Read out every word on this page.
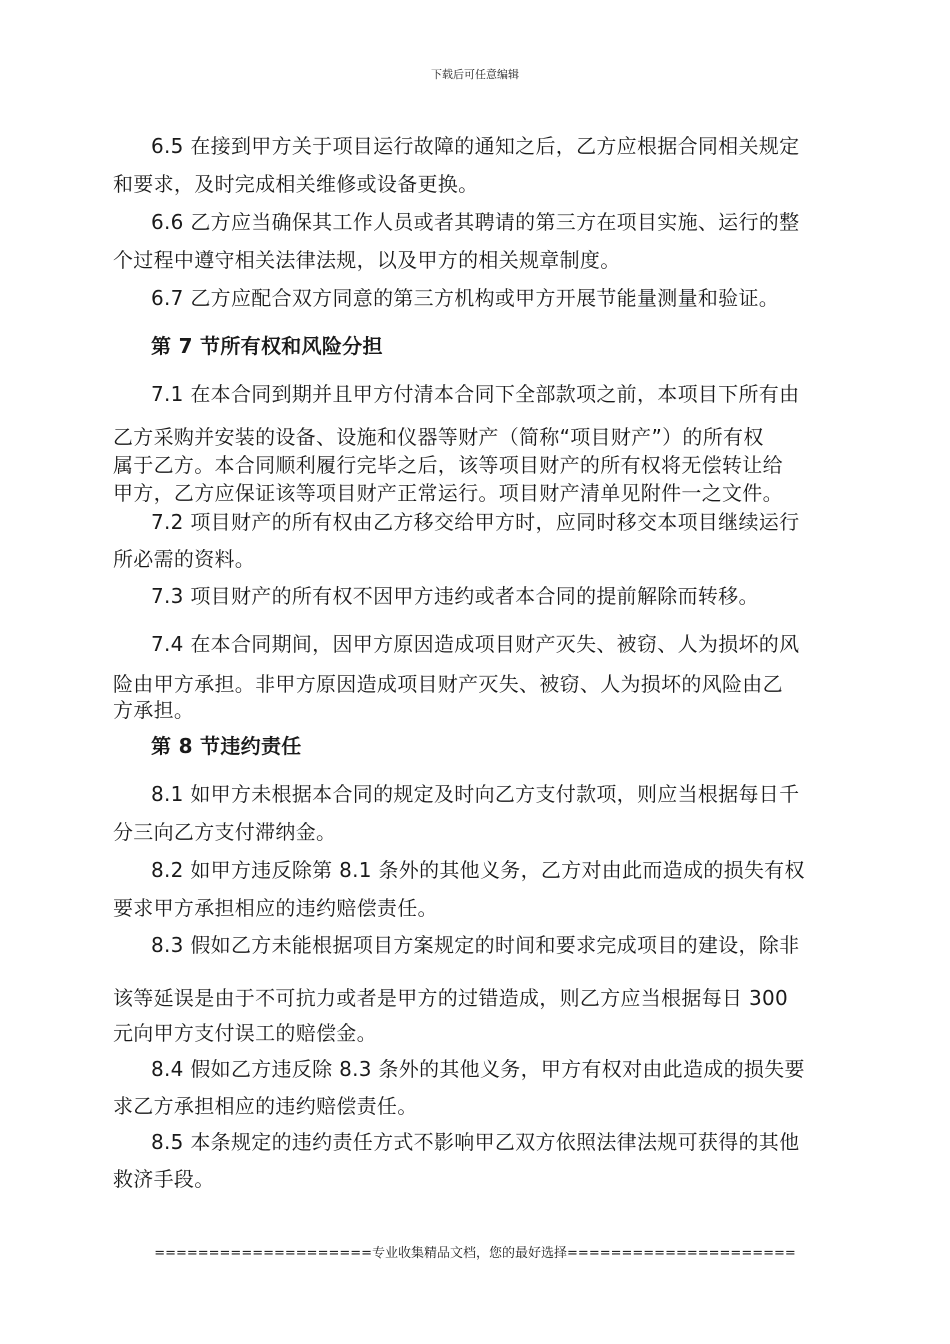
下载后可任意编辑
6.5 在接到甲方关于项目运行故障的通知之后，乙方应根据合同相关规定
和要求，及时完成相关维修或设备更换。
6.6 乙方应当确保其工作人员或者其聘请的第三方在项目实施、运行的整
个过程中遵守相关法律法规，以及甲方的相关规章制度。
6.7 乙方应配合双方同意的第三方机构或甲方开展节能量测量和验证。
第 7 节所有权和风险分担
7.1 在本合同到期并且甲方付清本合同下全部款项之前，本项目下所有由
乙方采购并安装的设备、设施和仪器等财产（简称“项目财产”）的所有权
属于乙方。本合同顺利履行完毕之后，该等项目财产的所有权将无偿转让给
甲方，乙方应保证该等项目财产正常运行。项目财产清单见附件一之文件。
7.2 项目财产的所有权由乙方移交给甲方时，应同时移交本项目继续运行
所必需的资料。
7.3 项目财产的所有权不因甲方违约或者本合同的提前解除而转移。
7.4 在本合同期间，因甲方原因造成项目财产灭失、被窃、人为损坏的风
险由甲方承担。非甲方原因造成项目财产灭失、被窃、人为损坏的风险由乙
方承担。
第 8 节违约责任
8.1 如甲方未根据本合同的规定及时向乙方支付款项，则应当根据每日千
分三向乙方支付滞纳金。
8.2 如甲方违反除第 8.1 条外的其他义务，乙方对由此而造成的损失有权
要求甲方承担相应的违约赔偿责任。
8.3 假如乙方未能根据项目方案规定的时间和要求完成项目的建设，除非
该等延误是由于不可抗力或者是甲方的过错造成，则乙方应当根据每日 300
元向甲方支付误工的赔偿金。
8.4 假如乙方违反除 8.3 条外的其他义务，甲方有权对由此造成的损失要
求乙方承担相应的违约赔偿责任。
8.5 本条规定的违约责任方式不影响甲乙双方依照法律法规可获得的其他
救济手段。
====================专业收集精品文档，您的最好选择=====================
